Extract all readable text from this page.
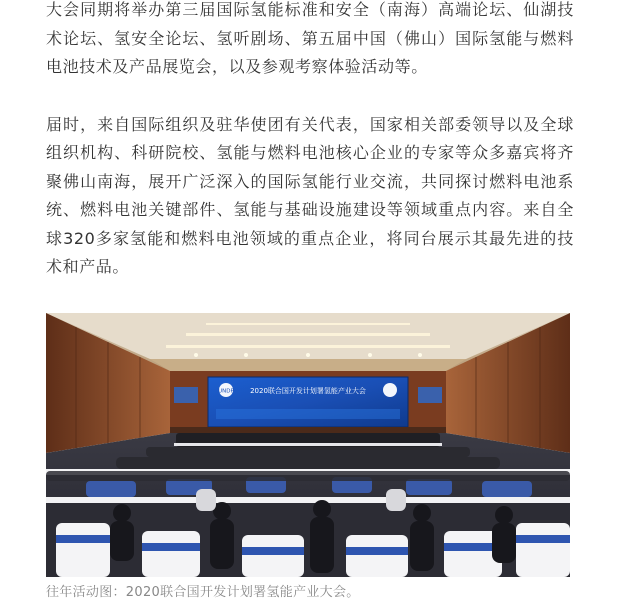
大会同期将举办第三届国际氢能标准和安全（南海）高端论坛、仙湖技术论坛、氢安全论坛、氢听剧场、第五届中国（佛山）国际氢能与燃料电池技术及产品展览会，以及参观考察体验活动等。

届时，来自国际组织及驻华使团有关代表，国家相关部委领导以及全球组织机构、科研院校、氢能与燃料电池核心企业的专家等众多嘉宾将齐聚佛山南海，展开广泛深入的国际氢能行业交流，共同探讨燃料电池系统、燃料电池关键部件、氢能与基础设施建设等领域重点内容。来自全球320多家氢能和燃料电池领域的重点企业，将同台展示其最先进的技术和产品。

UNDP 2020联合国开发计划署氢能产业大会
往年活动图：2020联合国开发计划署氢能产业大会。
